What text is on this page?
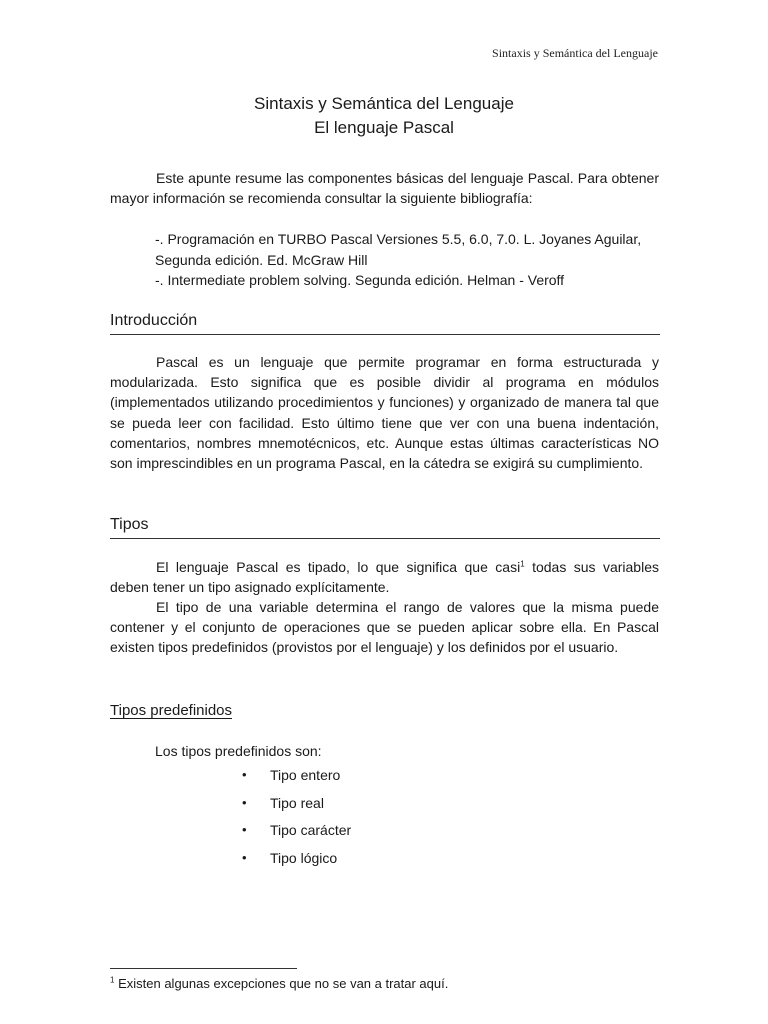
Sintaxis y Semántica del Lenguaje
Sintaxis y Semántica del Lenguaje
El lenguaje Pascal
Este apunte resume las componentes básicas del lenguaje Pascal. Para obtener mayor información se recomienda consultar la siguiente bibliografía:
-. Programación en TURBO Pascal Versiones 5.5, 6.0, 7.0. L. Joyanes Aguilar, Segunda edición. Ed. McGraw Hill
-. Intermediate problem solving. Segunda edición. Helman - Veroff
Introducción
Pascal es un lenguaje que permite programar en forma estructurada y modularizada. Esto significa que es posible dividir al programa en módulos (implementados utilizando procedimientos y funciones) y organizado de manera tal que se pueda leer con facilidad. Esto último tiene que ver con una buena indentación, comentarios, nombres mnemotécnicos, etc. Aunque estas últimas características NO son imprescindibles en un programa Pascal, en la cátedra se exigirá su cumplimiento.
Tipos
El lenguaje Pascal es tipado, lo que significa que casi$^1$ todas sus variables deben tener un tipo asignado explícitamente.
El tipo de una variable determina el rango de valores que la misma puede contener y el conjunto de operaciones que se pueden aplicar sobre ella. En Pascal existen tipos predefinidos (provistos por el lenguaje) y los definidos por el usuario.
Tipos predefinidos
Los tipos predefinidos son:
•	Tipo entero
•	Tipo real
•	Tipo carácter
•	Tipo lógico
$^1$ Existen algunas excepciones que no se van a tratar aquí.
